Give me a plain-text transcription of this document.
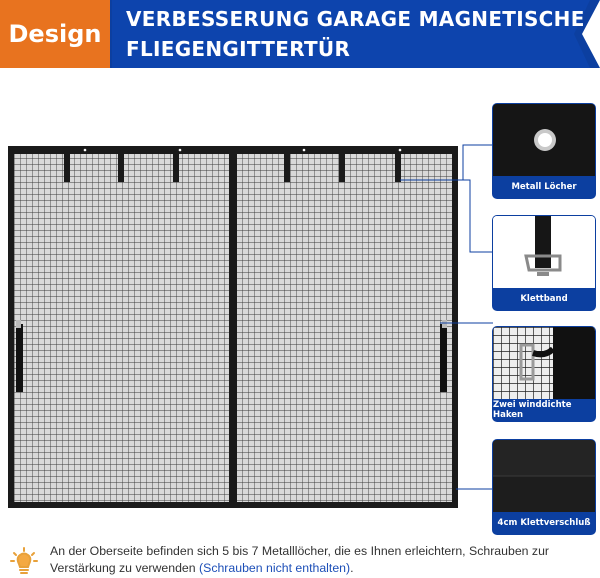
Design
VERBESSERUNG GARAGE MAGNETISCHE
FLIEGENGITTERTÜR
Metall Löcher
Klettband
Zwei winddichte Haken
4cm Klettverschluß
An der Oberseite befinden sich 5 bis 7 Metalllöcher, die es Ihnen erleichtern, Schrauben zur Verstärkung zu verwenden (Schrauben nicht enthalten).
